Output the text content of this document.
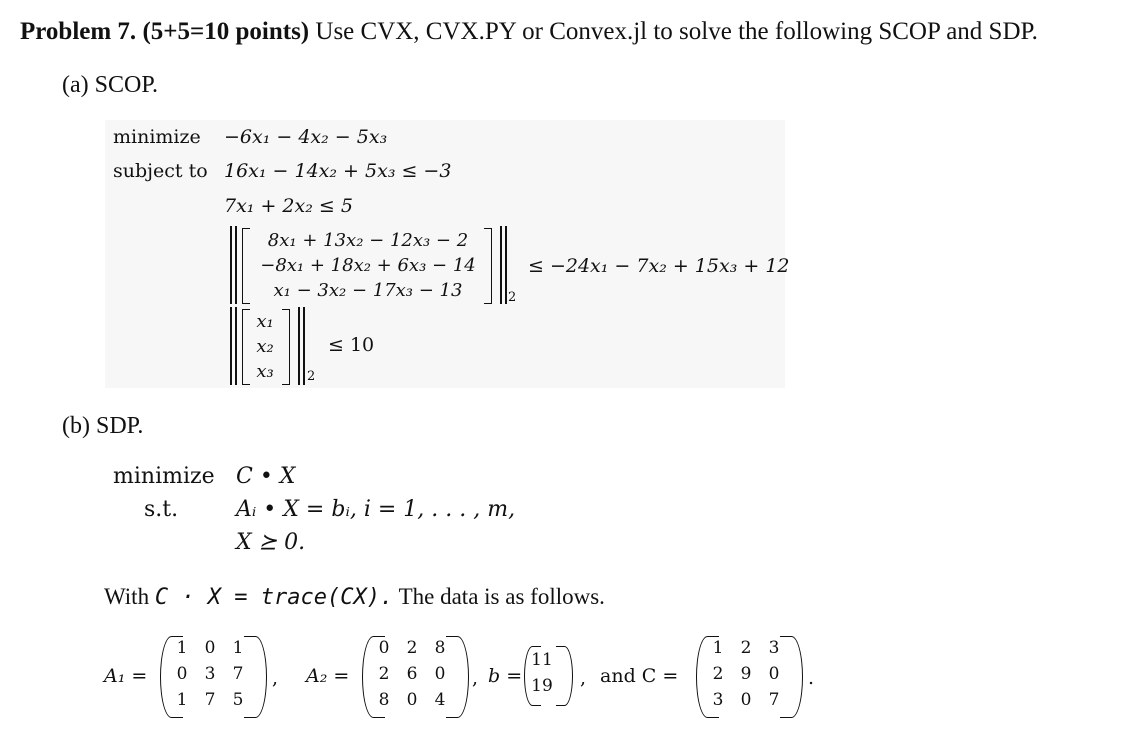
Problem 7. (5+5=10 points) Use CVX, CVX.PY or Convex.jl to solve the following SCOP and SDP.
(a) SCOP.
minimize −6x₁ − 4x₂ − 5x₃
subject to 16x₁ − 14x₂ + 5x₃ ≤ −3
7x₁ + 2x₂ ≤ 5
8x₁ + 13x₂ − 12x₃ − 2
−8x₁ + 18x₂ + 6x₃ − 14
x₁ − 3x₂ − 17x₃ − 13	2
≤ −24x₁ − 7x₂ + 15x₃ + 12
x₁
x₂
x₃	2
≤ 10
(b) SDP.
minimize C • X
s.t.	Aᵢ • X = bᵢ, i = 1, . . . , m,
X ⪰ 0.
With C · X = trace(CX). The data is as follows.
A₁ =
1	0	1
0	3	7
1	7	5
, A₂ =
0	2	8
2	6	0
8	0	4
, b =
11
19 , and C =
1	2	3
2	9	0
3	0	7
.
